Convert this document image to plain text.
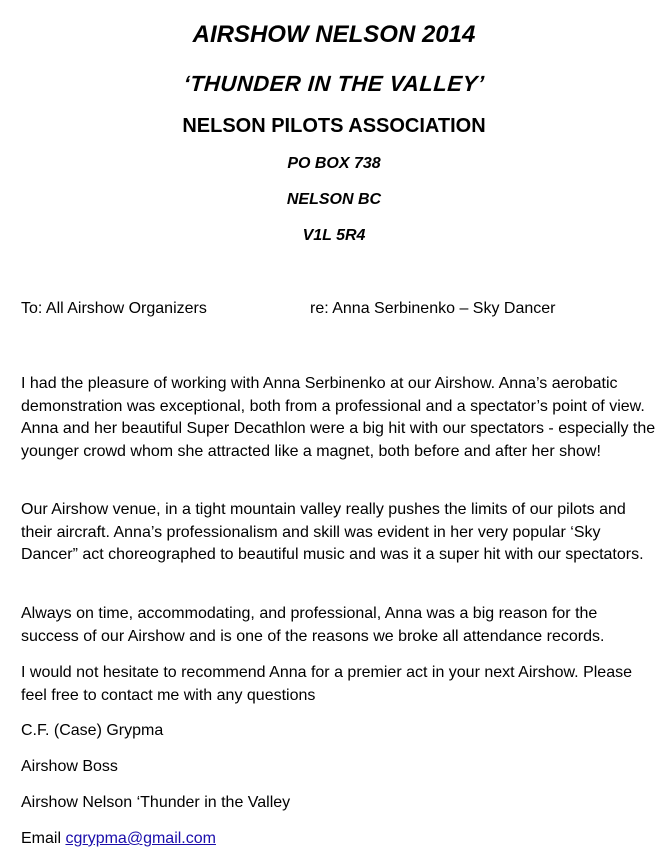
AIRSHOW NELSON 2014
‘THUNDER IN THE VALLEY’
NELSON PILOTS ASSOCIATION
PO BOX 738
NELSON BC
V1L 5R4
To: All Airshow Organizers	re: Anna Serbinenko – Sky Dancer

I had the pleasure of working with Anna Serbinenko at our Airshow. Anna’s aerobatic demonstration was exceptional, both from a professional and a spectator’s point of view. Anna and her beautiful Super Decathlon were a big hit with our spectators - especially the younger crowd whom she attracted like a magnet, both before and after her show!

Our Airshow venue, in a tight mountain valley really pushes the limits of our pilots and their aircraft. Anna’s professionalism and skill was evident in her very popular ‘Sky Dancer” act choreographed to beautiful music and was it a super hit with our spectators.

Always on time, accommodating, and professional, Anna was a big reason for the success of our Airshow and is one of the reasons we broke all attendance records.

I would not hesitate to recommend Anna for a premier act in your next Airshow. Please feel free to contact me with any questions

C.F. (Case) Grypma

Airshow Boss

Airshow Nelson ‘Thunder in the Valley

Email cgrypma@gmail.com
